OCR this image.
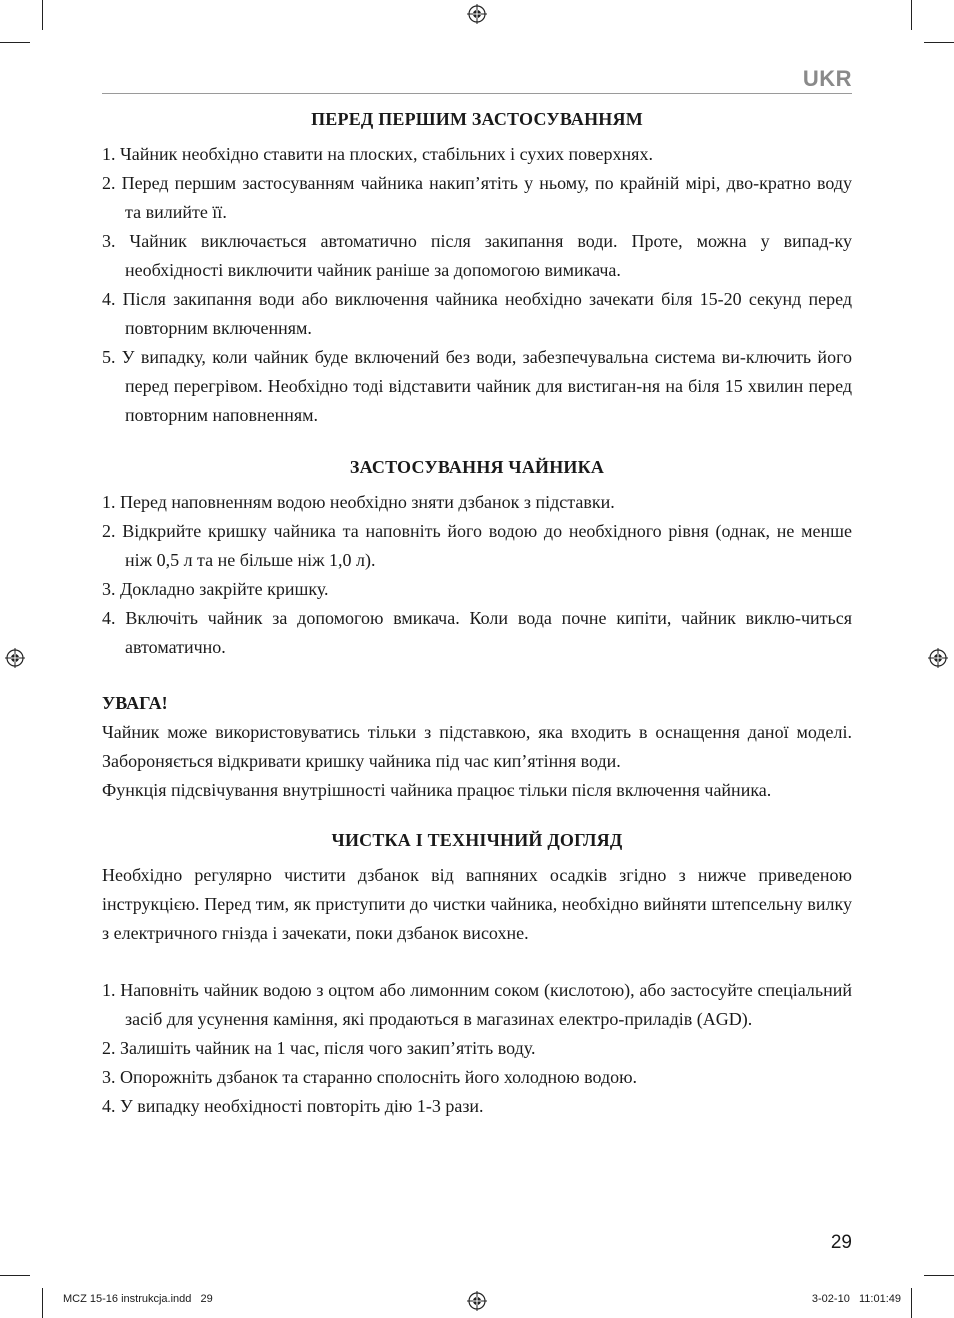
UKR
ПЕРЕД ПЕРШИМ ЗАСТОСУВАННЯМ

1. Чайник необхідно ставити на плоских, стабільних і сухих поверхнях.

2. Перед першим застосуванням чайника накип’ятіть у ньому, по крайній мірі, дво-кратно воду та вилийте її.

3. Чайник виключається автоматично після закипання води. Проте, можна у випад-ку необхідності виключити чайник раніше за допомогою вимикача.

4. Після закипання води або виключення чайника необхідно зачекати біля 15-20 секунд перед повторним включенням.

5. У випадку, коли чайник буде включений без води, забезпечувальна система ви-ключить його перед перегрівом. Необхідно тоді відставити чайник для вистиган-ня на біля 15 хвилин перед повторним наповненням.

ЗАСТОСУВАННЯ ЧАЙНИКА

1. Перед наповненням водою необхідно зняти дзбанок з підставки.

2. Відкрийте кришку чайника та наповніть його водою до необхідного рівня (однак, не менше ніж 0,5 л та не більше ніж 1,0 л).

3. Докладно закрійте кришку.

4. Включіть чайник за допомогою вмикача. Коли вода почне кипіти, чайник виклю-читься автоматично.

УВАГА!

Чайник може використовуватись тільки з підставкою, яка входить в оснащення даної моделі. Забороняється відкривати кришку чайника під час кип’ятіння води.

Функція підсвічування внутрішності чайника працює тільки після включення чайника.

ЧИСТКА І ТЕХНІЧНИЙ ДОГЛЯД

Необхідно регулярно чистити дзбанок від вапняних осадків згідно з нижче приведеною інструкцією. Перед тим, як приступити до чистки чайника, необхідно вийняти штепсельну вилку з електричного гнізда і зачекати, поки дзбанок висохне.

1. Наповніть чайник водою з оцтом або лимонним соком (кислотою), або застосуйте спеціальний засіб для усунення каміння, які продаються в магазинах електро-приладів (AGD).

2. Залишіть чайник на 1 час, після чого закип’ятіть воду.

3. Опорожніть дзбанок та старанно сполосніть його холодною водою.

4. У випадку необхідності повторіть дію 1-3 рази.

29
MCZ 15-16 instrukcja.indd   29	3-02-10   11:01:49
